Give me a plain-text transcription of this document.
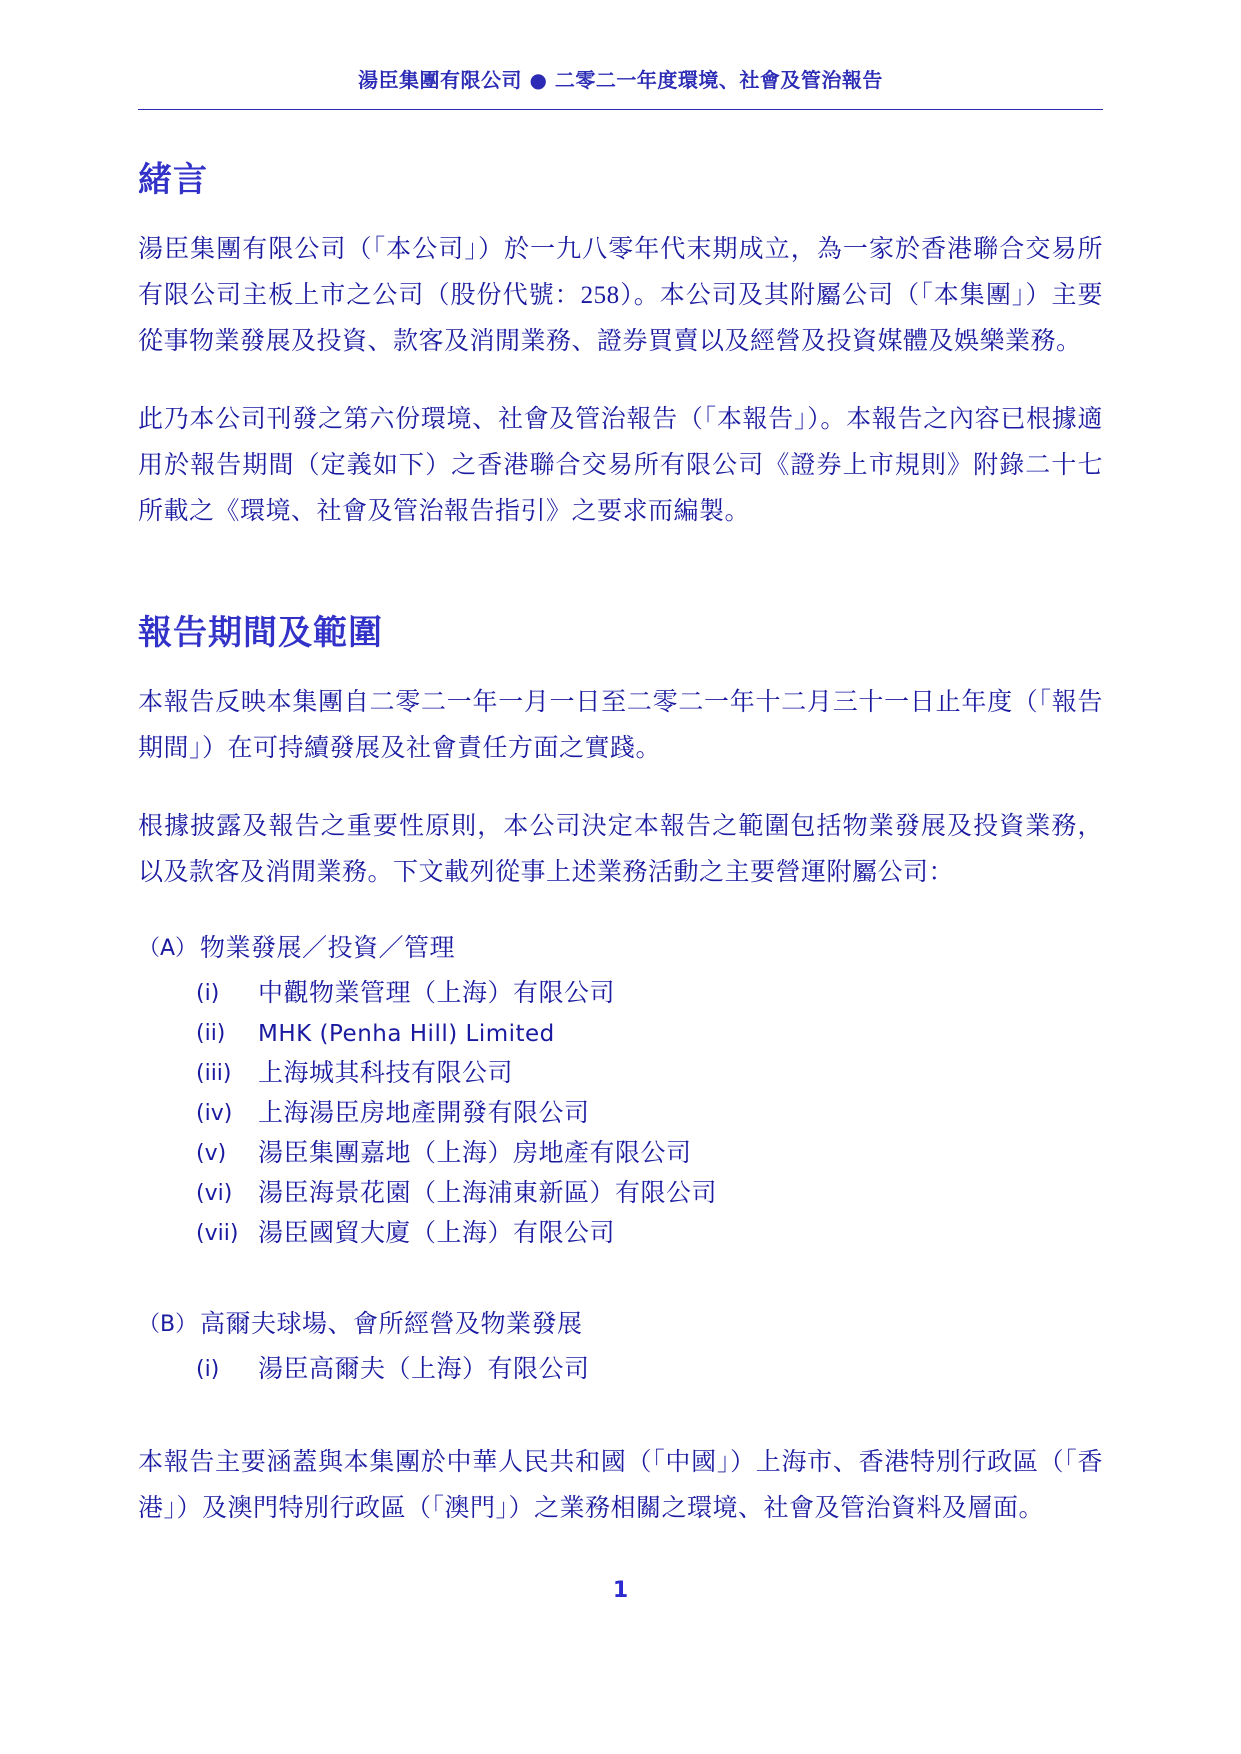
湯臣集團有限公司 ● 二零二一年度環境、社會及管治報告
緒言

湯臣集團有限公司（「本公司」）於一九八零年代末期成立，為一家於香港聯合交易所有限公司主板上市之公司（股份代號：258）。本公司及其附屬公司（「本集團」）主要從事物業發展及投資、款客及消閒業務、證券買賣以及經營及投資媒體及娛樂業務。

此乃本公司刊發之第六份環境、社會及管治報告（「本報告」）。本報告之內容已根據適用於報告期間（定義如下）之香港聯合交易所有限公司《證券上市規則》附錄二十七所載之《環境、社會及管治報告指引》之要求而編製。

報告期間及範圍

本報告反映本集團自二零二一年一月一日至二零二一年十二月三十一日止年度（「報告期間」）在可持續發展及社會責任方面之實踐。

根據披露及報告之重要性原則，本公司決定本報告之範圍包括物業發展及投資業務，以及款客及消閒業務。下文載列從事上述業務活動之主要營運附屬公司：

（A） 物業發展／投資／管理
(i)	中觀物業管理（上海）有限公司
(ii)	MHK (Penha Hill) Limited
(iii)	上海城其科技有限公司
(iv)	上海湯臣房地產開發有限公司
(v)	湯臣集團嘉地（上海）房地產有限公司
(vi)	湯臣海景花園（上海浦東新區）有限公司
(vii) 湯臣國貿大廈（上海）有限公司
（B） 高爾夫球場、會所經營及物業發展
(i)	湯臣高爾夫（上海）有限公司

本報告主要涵蓋與本集團於中華人民共和國（「中國」）上海市、香港特別行政區（「香港」）及澳門特別行政區（「澳門」）之業務相關之環境、社會及管治資料及層面。

1
